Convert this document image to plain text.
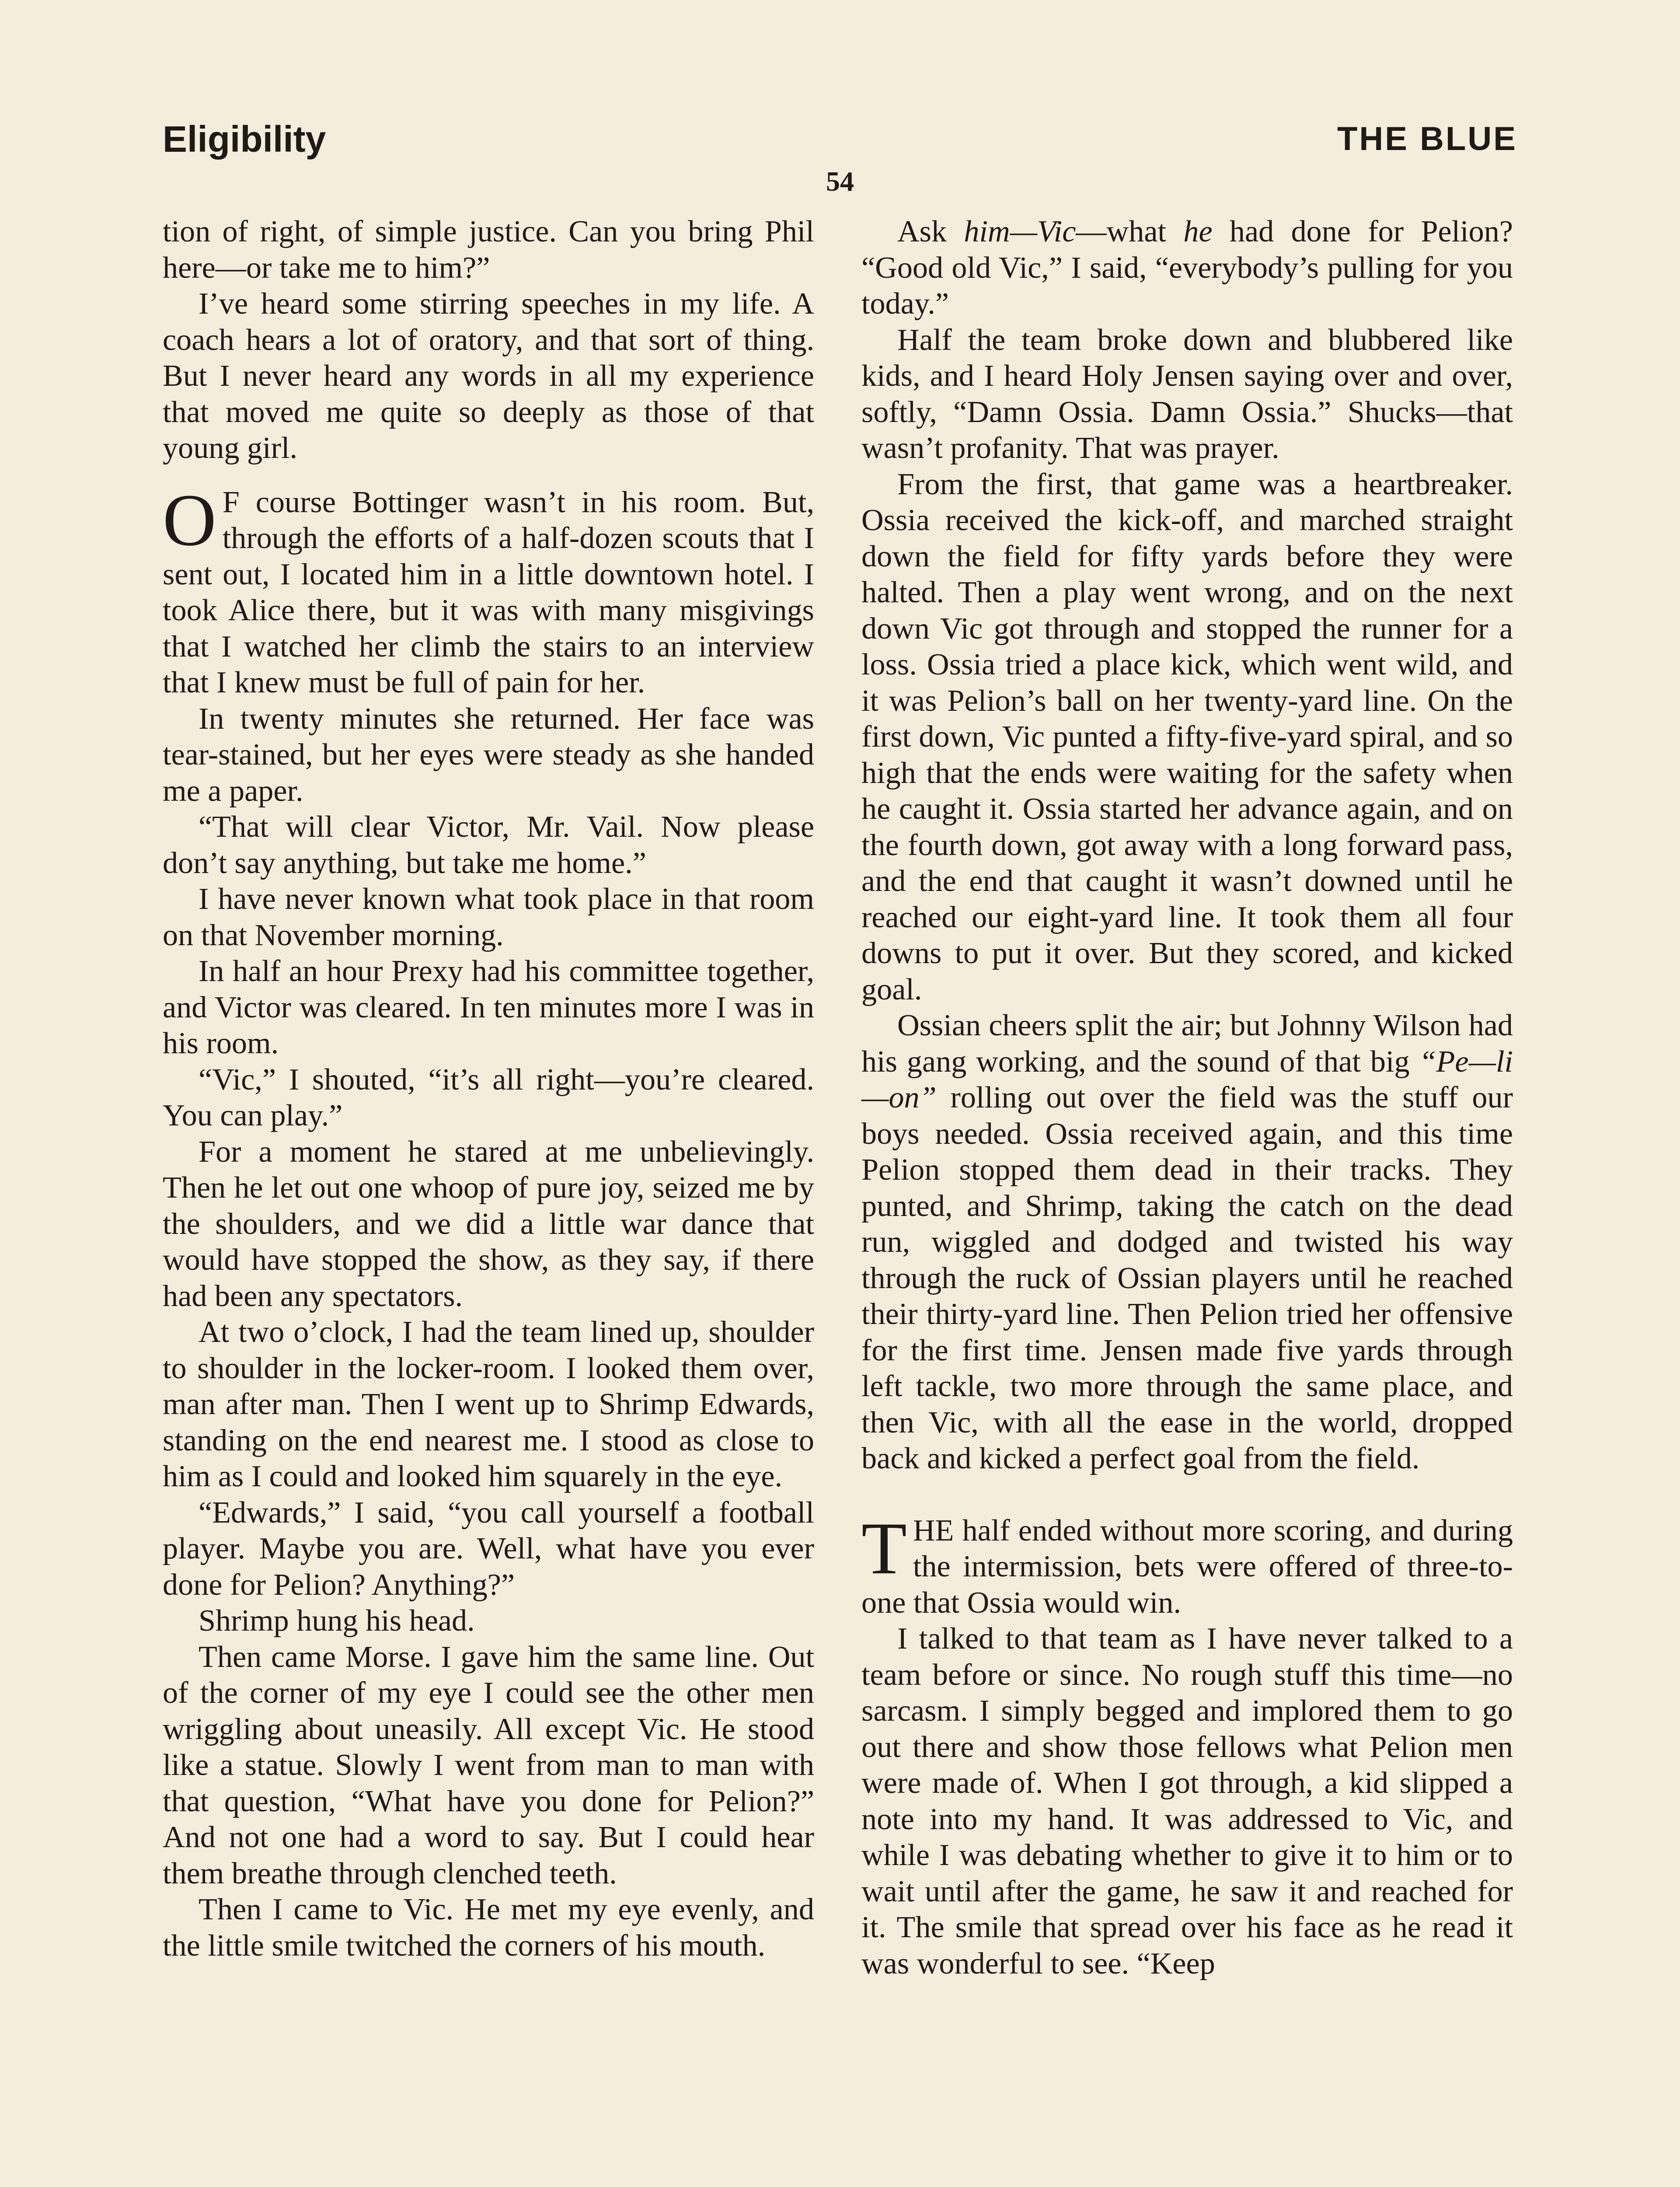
Eligibility	THE BLUE
54

tion of right, of simple justice. Can you bring Phil here—or take me to him?”

I’ve heard some stirring speeches in my life. A coach hears a lot of oratory, and that sort of thing. But I never heard any words in all my experience that moved me quite so deeply as those of that young girl.

O F course Bottinger wasn’t in his room. But, through the efforts of a half-dozen scouts that I sent out, I located him in a little downtown hotel. I took Alice there, but it was with many misgivings that I watched her climb the stairs to an interview that I knew must be full of pain for her.

In twenty minutes she returned. Her face was tear-stained, but her eyes were steady as she handed me a paper.

“That will clear Victor, Mr. Vail. Now please don’t say anything, but take me home.”

I have never known what took place in that room on that November morning.

In half an hour Prexy had his committee together, and Victor was cleared. In ten minutes more I was in his room.

“Vic,” I shouted, “it’s all right—you’re cleared. You can play.”

For a moment he stared at me unbelievingly. Then he let out one whoop of pure joy, seized me by the shoulders, and we did a little war dance that would have stopped the show, as they say, if there had been any spectators.

At two o’clock, I had the team lined up, shoulder to shoulder in the locker-room. I looked them over, man after man. Then I went up to Shrimp Edwards, standing on the end nearest me. I stood as close to him as I could and looked him squarely in the eye.

“Edwards,” I said, “you call yourself a football player. Maybe you are. Well, what have you ever done for Pelion? Anything?”

Shrimp hung his head.

Then came Morse. I gave him the same line. Out of the corner of my eye I could see the other men wriggling about uneasily. All except Vic. He stood like a statue. Slowly I went from man to man with that question, “What have you done for Pelion?” And not one had a word to say. But I could hear them breathe through clenched teeth.

Then I came to Vic. He met my eye evenly, and the little smile twitched the corners of his mouth.

Ask him—Vic—what he had done for Pelion? “Good old Vic,” I said, “everybody’s pulling for you today.”

Half the team broke down and blubbered like kids, and I heard Holy Jensen saying over and over, softly, “Damn Ossia. Damn Ossia.” Shucks—that wasn’t profanity. That was prayer.

From the first, that game was a heartbreaker. Ossia received the kick-off, and marched straight down the field for fifty yards before they were halted. Then a play went wrong, and on the next down Vic got through and stopped the runner for a loss. Ossia tried a place kick, which went wild, and it was Pelion’s ball on her twenty-yard line. On the first down, Vic punted a fifty-five-yard spiral, and so high that the ends were waiting for the safety when he caught it. Ossia started her advance again, and on the fourth down, got away with a long forward pass, and the end that caught it wasn’t downed until he reached our eight-yard line. It took them all four downs to put it over. But they scored, and kicked goal.

Ossian cheers split the air; but Johnny Wilson had his gang working, and the sound of that big “Pe—li—on” rolling out over the field was the stuff our boys needed. Ossia received again, and this time Pelion stopped them dead in their tracks. They punted, and Shrimp, taking the catch on the dead run, wiggled and dodged and twisted his way through the ruck of Ossian players until he reached their thirty-yard line. Then Pelion tried her offensive for the first time. Jensen made five yards through left tackle, two more through the same place, and then Vic, with all the ease in the world, dropped back and kicked a perfect goal from the field.

THE half ended without more scoring, and during the intermission, bets were offered of three-to-one that Ossia would win.

I talked to that team as I have never talked to a team before or since. No rough stuff this time—no sarcasm. I simply begged and implored them to go out there and show those fellows what Pelion men were made of. When I got through, a kid slipped a note into my hand. It was addressed to Vic, and while I was debating whether to give it to him or to wait until after the game, he saw it and reached for it. The smile that spread over his face as he read it was wonderful to see. “Keep
